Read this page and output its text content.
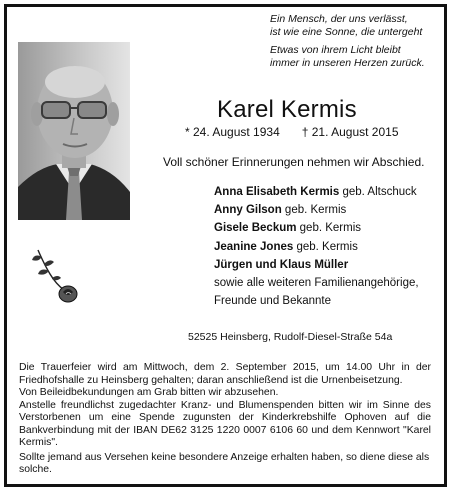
Ein Mensch, der uns verlässt,
ist wie eine Sonne, die untergeht
Etwas von ihrem Licht bleibt
immer in unseren Herzen zurück.
Karel Kermis
* 24. August 1934 † 21. August 2015
Voll schöner Erinnerungen nehmen wir Abschied.
Anna Elisabeth Kermis geb. Altschuck
Anny Gilson geb. Kermis
Gisele Beckum geb. Kermis
Jeanine Jones geb. Kermis
Jürgen und Klaus Müller
sowie alle weiteren Familienangehörige,
Freunde und Bekannte
52525 Heinsberg, Rudolf-Diesel-Straße 54a

Die Trauerfeier wird am Mittwoch, dem 2. September 2015, um 14.00 Uhr in der Friedhofshalle zu Heinsberg gehalten; daran anschließend ist die Urnenbeisetzung.

Von Beileidbekundungen am Grab bitten wir abzusehen.

Anstelle freundlichst zugedachter Kranz- und Blumenspenden bitten wir im Sinne des Verstorbenen um eine Spende zugunsten der Kinderkrebshilfe Ophoven auf die Bankverbindung mit der IBAN DE62 3125 1220 0007 6106 60 und dem Kennwort "Karel Kermis".

Sollte jemand aus Versehen keine besondere Anzeige erhalten haben, so diene diese als solche.
